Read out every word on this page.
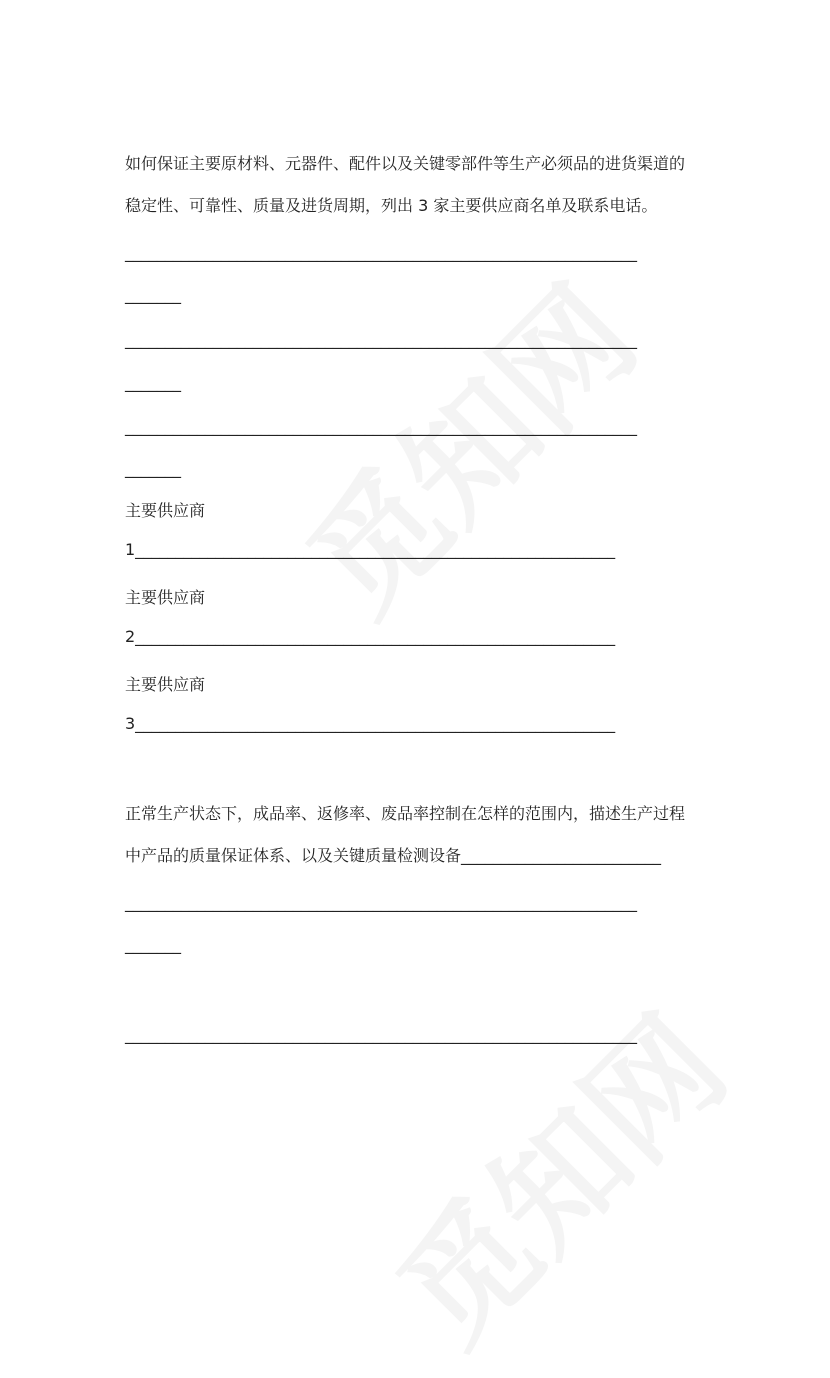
如何保证主要原材料、元器件、配件以及关键零部件等生产必须品的进货渠道的
稳定性、可靠性、质量及进货周期，列出 3 家主要供应商名单及联系电话。
________________________________________________________________
_______
________________________________________________________________
_______
________________________________________________________________
_______
主要供应商
1____________________________________________________________
主要供应商
2____________________________________________________________
主要供应商
3____________________________________________________________
正常生产状态下，成品率、返修率、废品率控制在怎样的范围内，描述生产过程
中产品的质量保证体系、以及关键质量检测设备_________________________
________________________________________________________________
_______
________________________________________________________________
